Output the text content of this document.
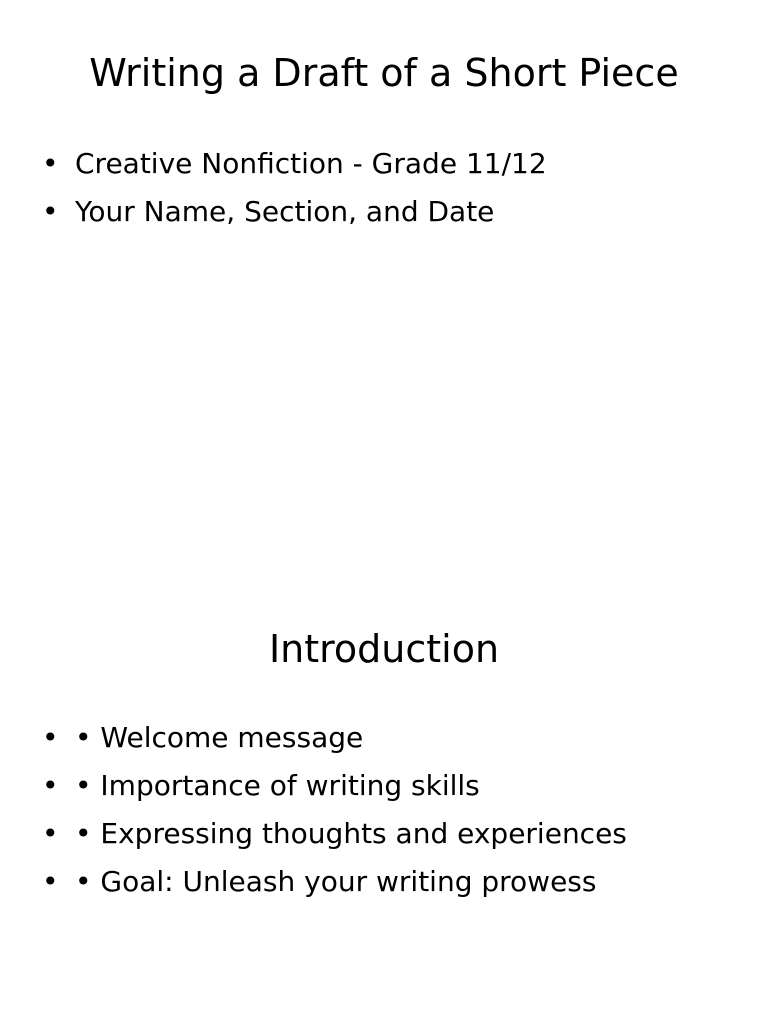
Writing a Draft of a Short Piece
• Creative Nonfiction - Grade 11/12
• Your Name, Section, and Date
Introduction
• • Welcome message
• • Importance of writing skills
• • Expressing thoughts and experiences
• • Goal: Unleash your writing prowess
